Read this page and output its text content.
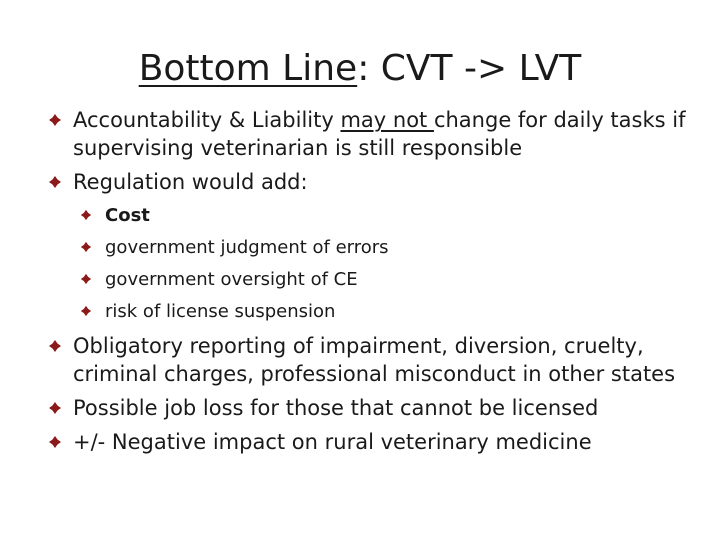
Bottom Line: CVT -> LVT
Accountability & Liability may not change for daily tasks if supervising veterinarian is still responsible
Regulation would add:
Cost
government judgment of errors
government oversight of CE
risk of license suspension
Obligatory reporting of impairment, diversion, cruelty, criminal charges, professional misconduct in other states
Possible job loss for those that cannot be licensed
+/- Negative impact on rural veterinary medicine
